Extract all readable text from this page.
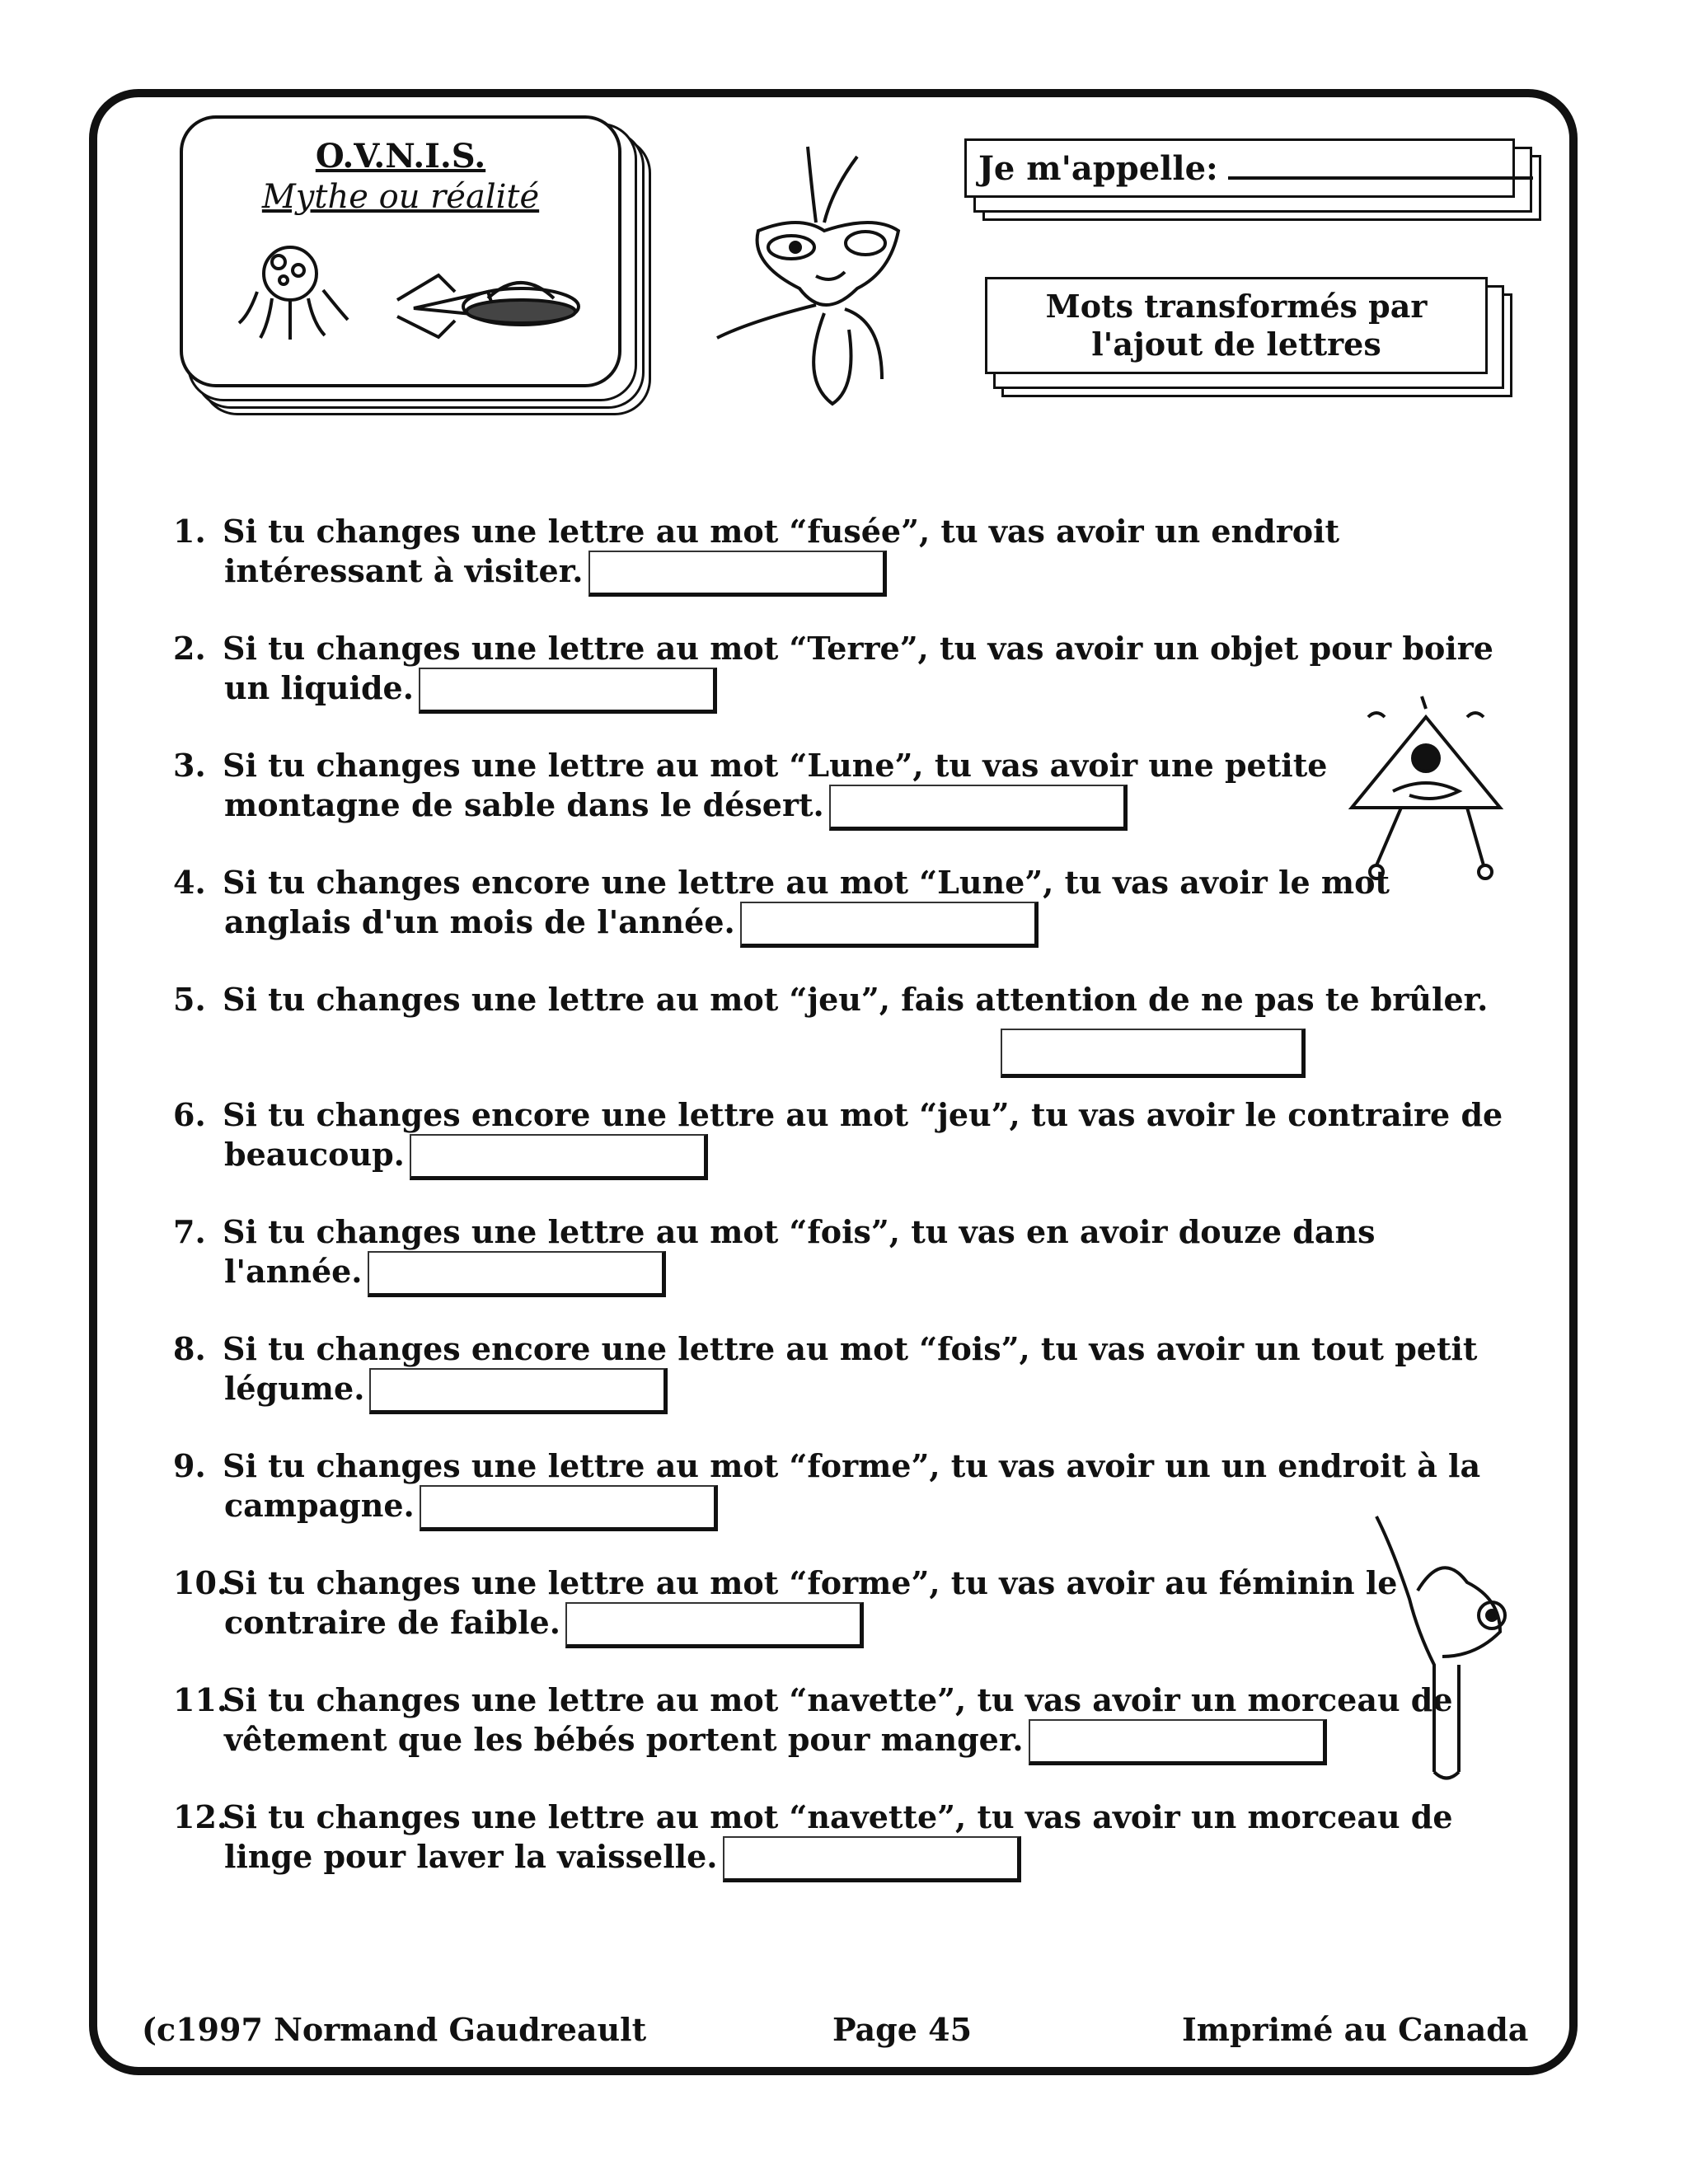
O.V.N.I.S.
Mythe ou réalité
Je m'appelle:
Mots transformés par l'ajout de lettres
1. Si tu changes une lettre au mot “fusée”, tu vas avoir un endroit
intéressant à visiter.
2. Si tu changes une lettre au mot “Terre”, tu vas avoir un objet pour boire
un liquide.
3. Si tu changes une lettre au mot “Lune”, tu vas avoir une petite
montagne de sable dans le désert.
4. Si tu changes encore une lettre au mot “Lune”, tu vas avoir le mot
anglais d'un mois de l'année.
5. Si tu changes une lettre au mot “jeu”, fais attention de ne pas te brûler.
6. Si tu changes encore une lettre au mot “jeu”, tu vas avoir le contraire de
beaucoup.
7. Si tu changes une lettre au mot “fois”, tu vas en avoir douze dans
l'année.
8. Si tu changes encore une lettre au mot “fois”, tu vas avoir un tout petit
légume.
9. Si tu changes une lettre au mot “forme”, tu vas avoir un un endroit à la
campagne.
10.Si tu changes une lettre au mot “forme”, tu vas avoir au féminin le
contraire de faible.
11.Si tu changes une lettre au mot “navette”, tu vas avoir un morceau de
vêtement que les bébés portent pour manger.
12.Si tu changes une lettre au mot “navette”, tu vas avoir un morceau de
linge pour laver la vaisselle.
(c1997 Normand Gaudreault	Page 45	Imprimé au Canada
